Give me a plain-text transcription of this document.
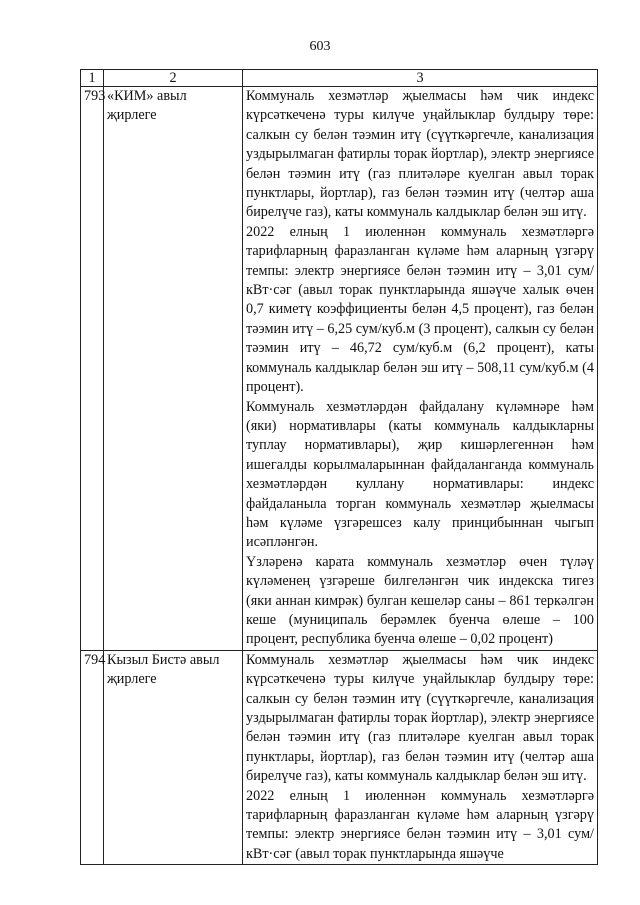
603
1	2	3
793	«КИМ» авыл җирлеге	Коммуналь хезмәтләр җыелмасы һәм чик индекс күрсәткеченә туры килүче уңайлыклар булдыру төре: салкын су белән тәэмин итү (сүүткәргечле, канализация уздырылмаган фатирлы торак йортлар), электр энергиясе белән тәэмин итү (газ плитәләре куелган авыл торак пунктлары, йортлар), газ белән тәэмин итү (челтәр аша бирелүче газ), каты коммуналь калдыклар белән эш итү.
2022 елның 1 июленнән коммуналь хезмәтләргә тарифларның фаразланган күләме һәм аларның үзгәрү темпы: электр энергиясе белән тәэмин итү – 3,01 сум/кВт·сәг (авыл торак пунктларында яшәүче халык өчен 0,7 киметү коэффициенты белән 4,5 процент), газ белән тәэмин итү – 6,25 сум/куб.м (3 процент), салкын су белән тәэмин итү – 46,72 сум/куб.м (6,2 процент), каты коммуналь калдыклар белән эш итү – 508,11 сум/куб.м (4 процент).
Коммуналь хезмәтләрдән файдалану күләмнәре һәм (яки) нормативлары (каты коммуналь калдыкларны туплау нормативлары), җир кишәрлегеннән һәм ишегалды корылмаларыннан файдаланганда коммуналь хезмәтләрдән куллану нормативлары: индекс файдаланыла торган коммуналь хезмәтләр җыелмасы һәм күләме үзгәрешсез калу принцибыннан чыгып исәпләнгән.
Үзләренә карата коммуналь хезмәтләр өчен түләү күләменең үзгәреше билгеләнгән чик индекска тигез (яки аннан кимрәк) булган кешеләр саны – 861 теркәлгән кеше (муниципаль берәмлек буенча өлеше – 100 процент, республика буенча өлеше – 0,02 процент)

794	Кызыл Бистә авыл җирлеге	Коммуналь хезмәтләр җыелмасы һәм чик индекс күрсәткеченә туры килүче уңайлыклар булдыру төре: салкын су белән тәэмин итү (сүүткәргечле, канализация уздырылмаган фатирлы торак йортлар), электр энергиясе белән тәэмин итү (газ плитәләре куелган авыл торак пунктлары, йортлар), газ белән тәэмин итү (челтәр аша бирелүче газ), каты коммуналь калдыклар белән эш итү.
2022 елның 1 июленнән коммуналь хезмәтләргә тарифларның фаразланган күләме һәм аларның үзгәрү темпы: электр энергиясе белән тәэмин итү – 3,01 сум/кВт·сәг (авыл торак пунктларында яшәүче
